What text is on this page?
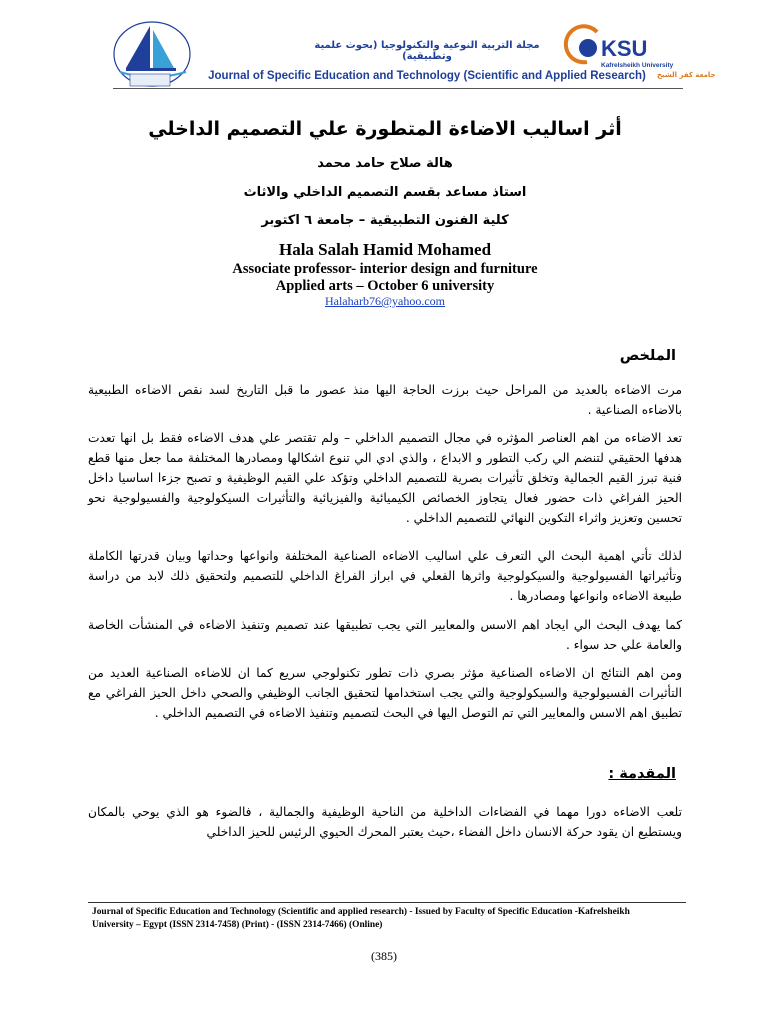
مجلة التربية النوعية والتكنولوجيا (بحوث علمية وتطبيقية)
Journal of Specific Education and Technology (Scientific and Applied Research)
KSU
Kafrelsheikh University
جامعة كفر الشيخ
أثر اساليب الاضاءة المتطورة علي التصميم الداخلي
هالة صلاح حامد محمد
استاذ مساعد بقسم التصميم الداخلي والاثاث
كلية الفنون التطبيقية – جامعة ٦ اكتوبر
Hala Salah Hamid Mohamed
Associate professor- interior design and furniture
Applied arts – October 6 university
Halaharb76@yahoo.com
الملخص

مرت الاضاءه بالعديد من المراحل حيث برزت الحاجة اليها منذ عصور ما قبل التاريخ لسد نقص الاضاءه الطبيعية بالاضاءه الصناعية .

تعد الاضاءه من اهم العناصر المؤثره في مجال التصميم الداخلي – ولم تقتصر علي هدف الاضاءه فقط بل انها تعدت هدفها الحقيقي لتنضم الي ركب التطور و الابداع ، والذي ادي الي تنوع اشكالها ومصادرها المختلفة مما جعل منها قطع فنية تبرز القيم الجمالية وتخلق تأثيرات بصرية للتصميم الداخلي وتؤكد علي القيم الوظيفية و تصبح جزءا اساسيا داخل الحيز الفراغي ذات حضور فعال يتجاوز الخصائص الكيميائية والفيزيائية والتأثيرات السيكولوجية والفسيولوجية نحو تحسين وتعزيز واثراء التكوين النهائي للتصميم الداخلي .

لذلك تأتي اهمية البحث الي التعرف علي اساليب الاضاءه الصناعية المختلفة وانواعها وحداتها وبيان قدرتها الكاملة وتأثيراتها الفسيولوجية والسيكولوجية واثرها الفعلي في ابراز الفراغ الداخلي للتصميم ولتحقيق ذلك لابد من دراسة طبيعة الاضاءه وانواعها ومصادرها .

كما يهدف البحث الي ايجاد اهم الاسس والمعايير التي يجب تطبيقها عند تصميم وتنفيذ الاضاءه في المنشأت الخاصة والعامة علي حد سواء .

ومن اهم النتائج ان الاضاءه الصناعية مؤثر بصري ذات تطور تكنولوجي سريع كما ان للاضاءه الصناعية العديد من التأثيرات الفسيولوجية والسيكولوجية والتي يجب استخدامها لتحقيق الجانب الوظيفي والصحي داخل الحيز الفراغي مع تطبيق اهم الاسس والمعايير التي تم التوصل اليها في البحث لتصميم وتنفيذ الاضاءه في التصميم الداخلي .

المقدمة :

تلعب الاضاءه دورا مهما في الفضاءات الداخلية من الناحية الوظيفية والجمالية ، فالضوء هو الذي يوحي بالمكان ويستطيع ان يقود حركة الانسان داخل الفضاء ،حيث يعتبر المحرك الحيوي الرئيس للحيز الداخلي

Journal of Specific Education and Technology (Scientific and applied research) - Issued by Faculty of Specific Education -Kafrelsheikh
University – Egypt (ISSN 2314-7458) (Print) - (ISSN 2314-7466) (Online)
(385)
